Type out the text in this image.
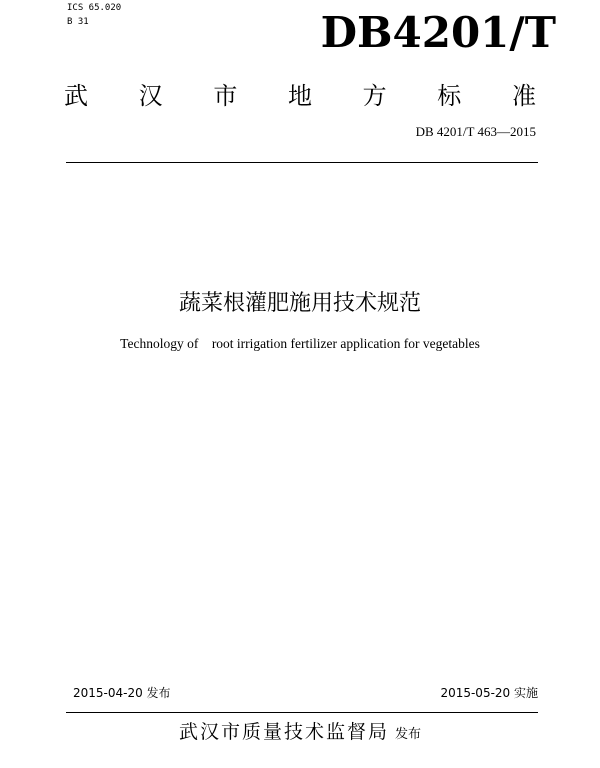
ICS 65.020
B 31	DB4201/T
武 汉 市 地 方 标 准
DB 4201/T 463—2015
蔬菜根灌肥施用技术规范
Technology of    root irrigation fertilizer application for vegetables
2015-04-20 发布	2015-05-20 实施
武汉市质量技术监督局 发布
